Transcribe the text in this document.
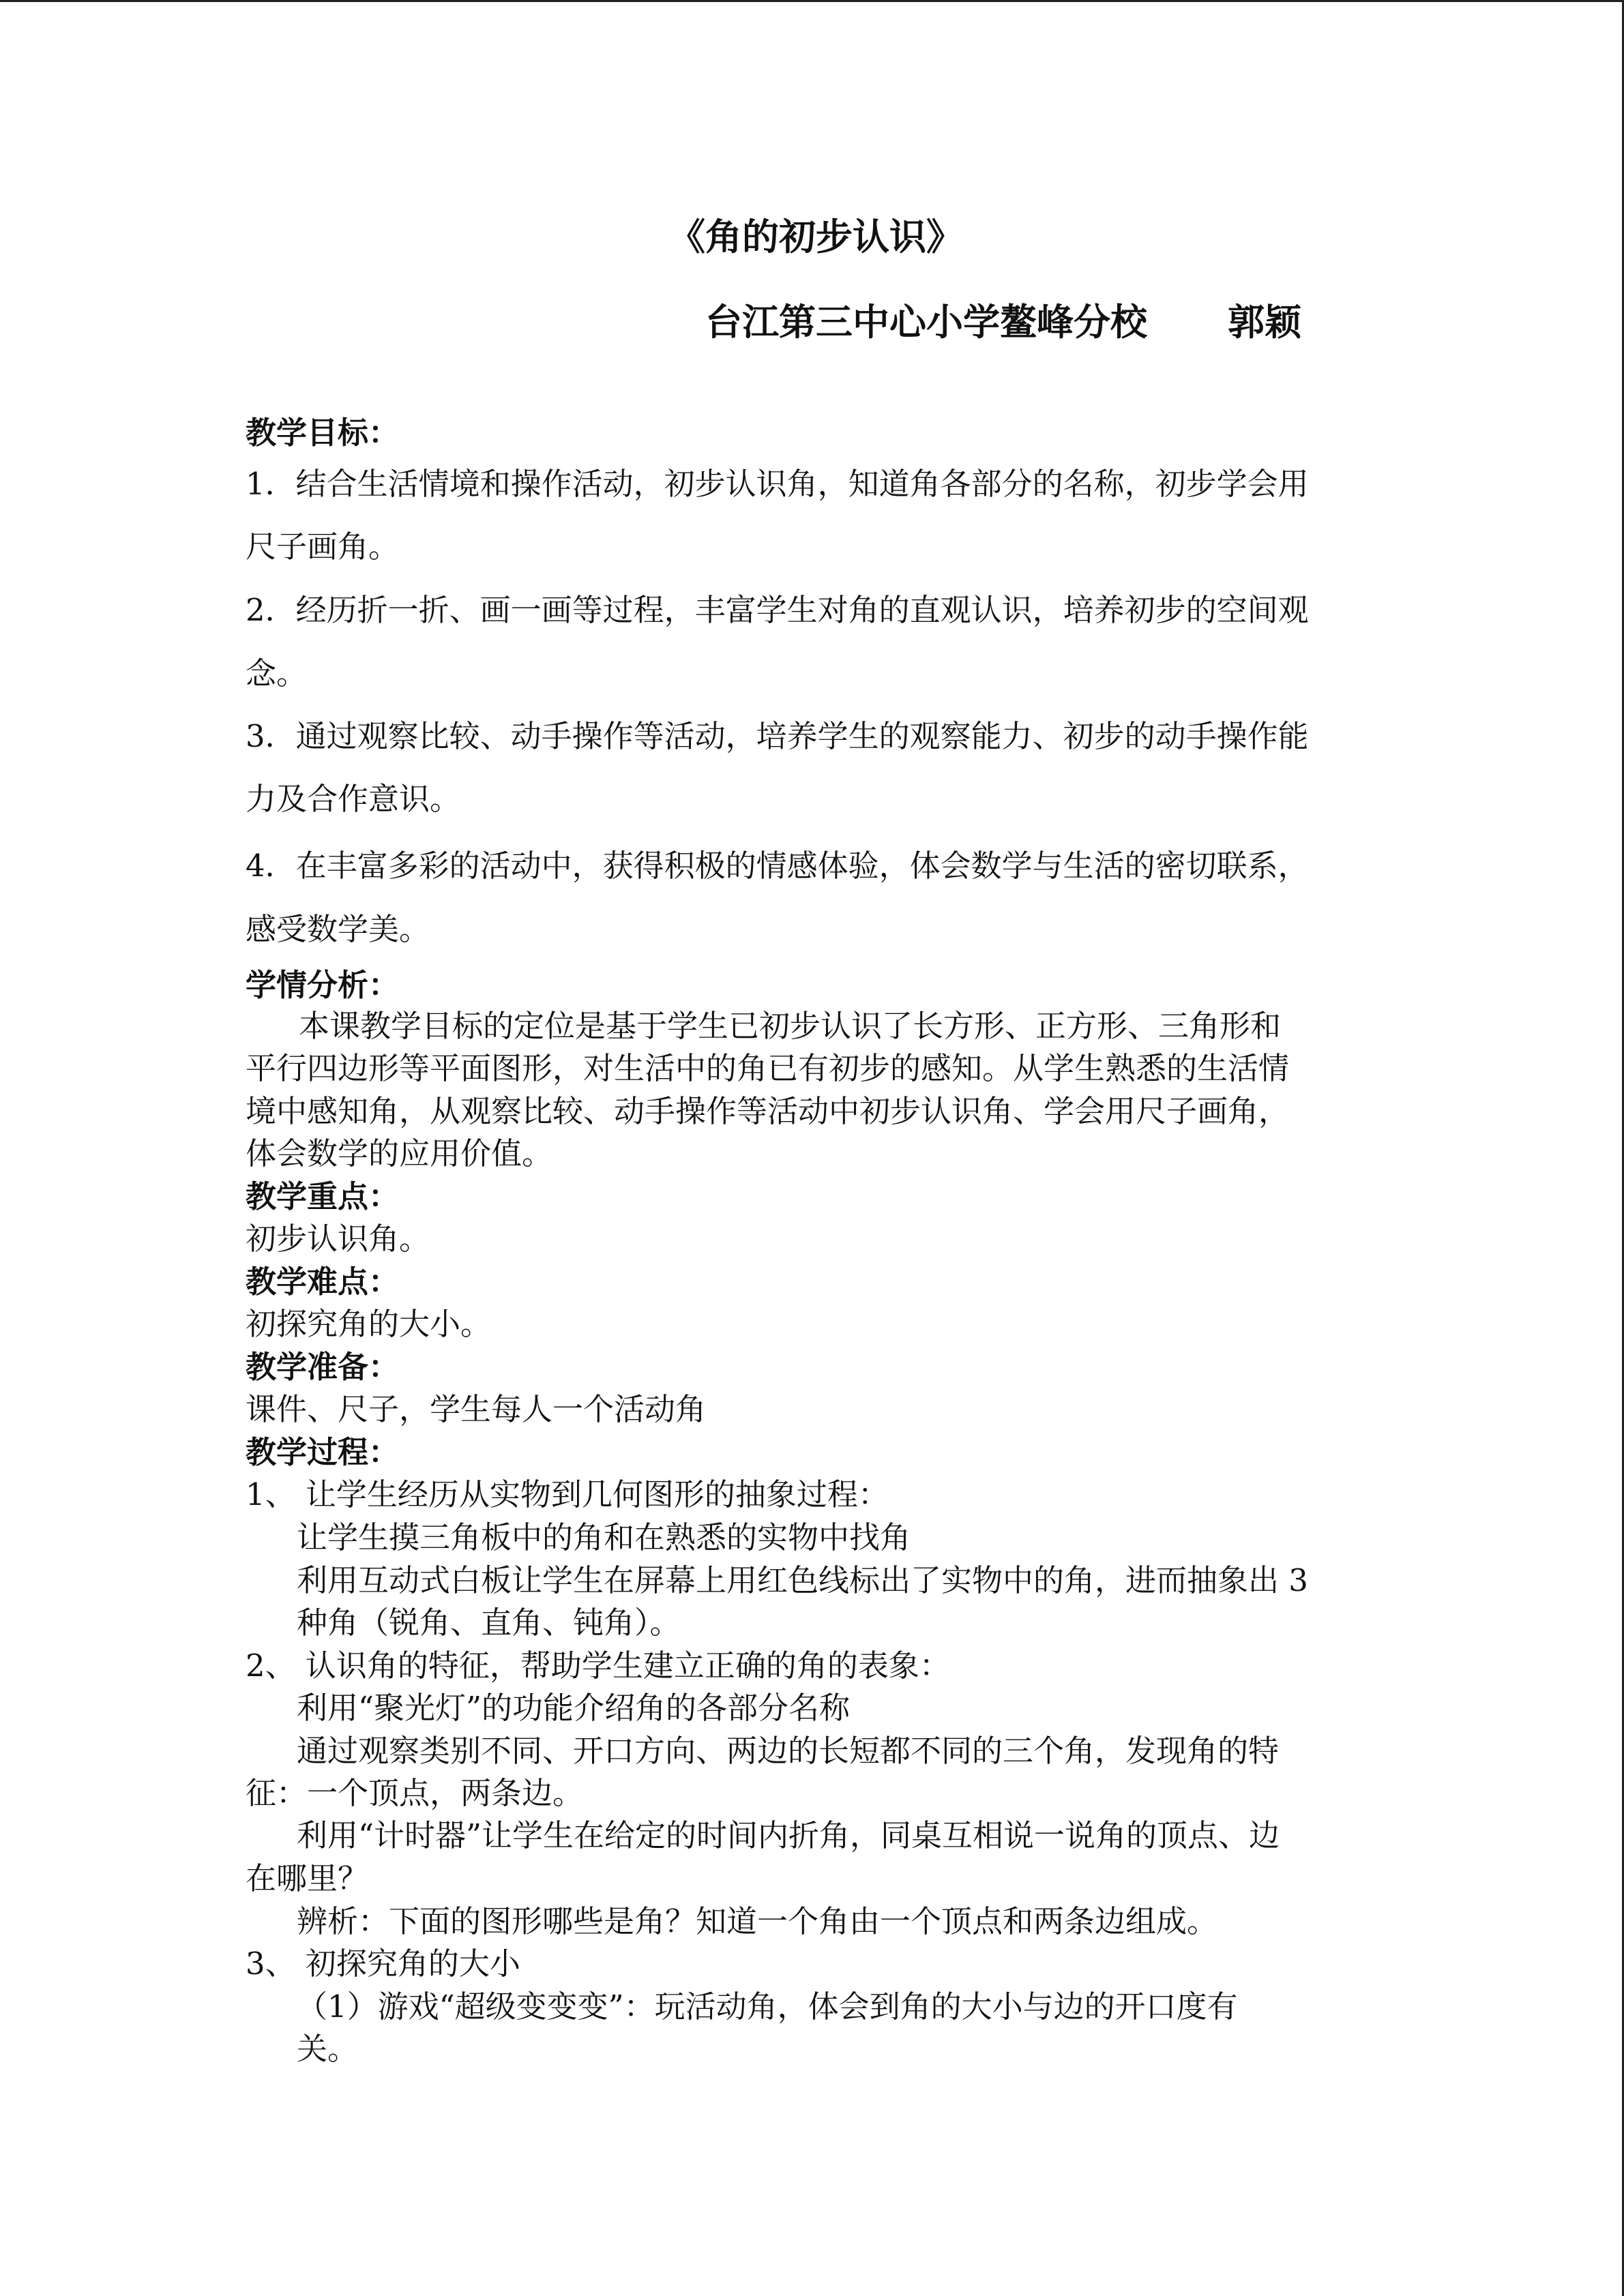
《角的初步认识》

台江第三中心小学鳌峰分校 郭颖

教学目标：

1．结合生活情境和操作活动，初步认识角，知道角各部分的名称，初步学会用

尺子画角。

2．经历折一折、画一画等过程，丰富学生对角的直观认识，培养初步的空间观

念。

3．通过观察比较、动手操作等活动，培养学生的观察能力、初步的动手操作能

力及合作意识。

4．在丰富多彩的活动中，获得积极的情感体验，体会数学与生活的密切联系，

感受数学美。

学情分析：

本课教学目标的定位是基于学生已初步认识了长方形、正方形、三角形和

平行四边形等平面图形，对生活中的角已有初步的感知。从学生熟悉的生活情

境中感知角，从观察比较、动手操作等活动中初步认识角、学会用尺子画角，

体会数学的应用价值。

教学重点：

初步认识角。

教学难点：

初探究角的大小。

教学准备：

课件、尺子，学生每人一个活动角

教学过程：

1、 让学生经历从实物到几何图形的抽象过程：

让学生摸三角板中的角和在熟悉的实物中找角

利用互动式白板让学生在屏幕上用红色线标出了实物中的角，进而抽象出 3

种角（锐角、直角、钝角）。

2、 认识角的特征，帮助学生建立正确的角的表象：

利用“聚光灯”的功能介绍角的各部分名称

通过观察类别不同、开口方向、两边的长短都不同的三个角，发现角的特

征：一个顶点，两条边。

利用“计时器”让学生在给定的时间内折角，同桌互相说一说角的顶点、边

在哪里？

辨析：下面的图形哪些是角？知道一个角由一个顶点和两条边组成。

3、 初探究角的大小

（1）游戏“超级变变变”：玩活动角，体会到角的大小与边的开口度有

关。
